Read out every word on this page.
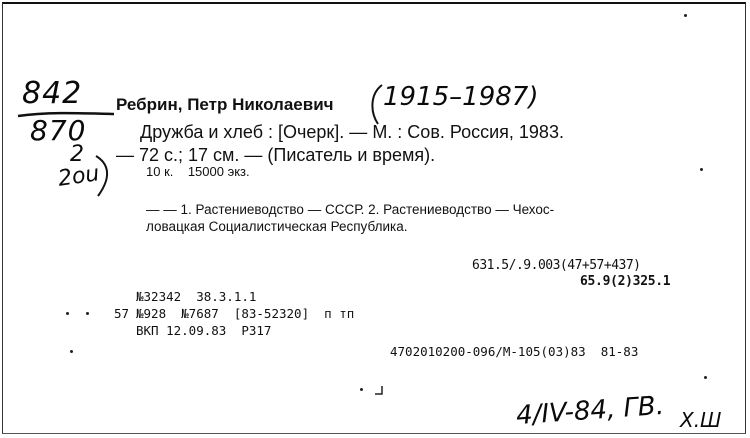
842
870
2
2ou
Ребрин, Петр Николаевич 1915–1987)
Дружба и хлеб : [Очерк]. — М. : Сов. Россия, 1983.
— 72 с.; 17 см. — (Писатель и время).
10 к.    15000 экз.
— — 1. Растениеводство — СССР. 2. Растениеводство — Чехос-
ловацкая Социалистическая Республика.
631.5/.9.003(47+57+437)
65.9(2)325.1
№32342  38.3.1.1
57 №928  №7687  [83-52320]  п тп
ВКП 12.09.83  Р317
4702010200-096/М-105(03)83  81-83
4/IV-84, ГВ. Х.Ш
